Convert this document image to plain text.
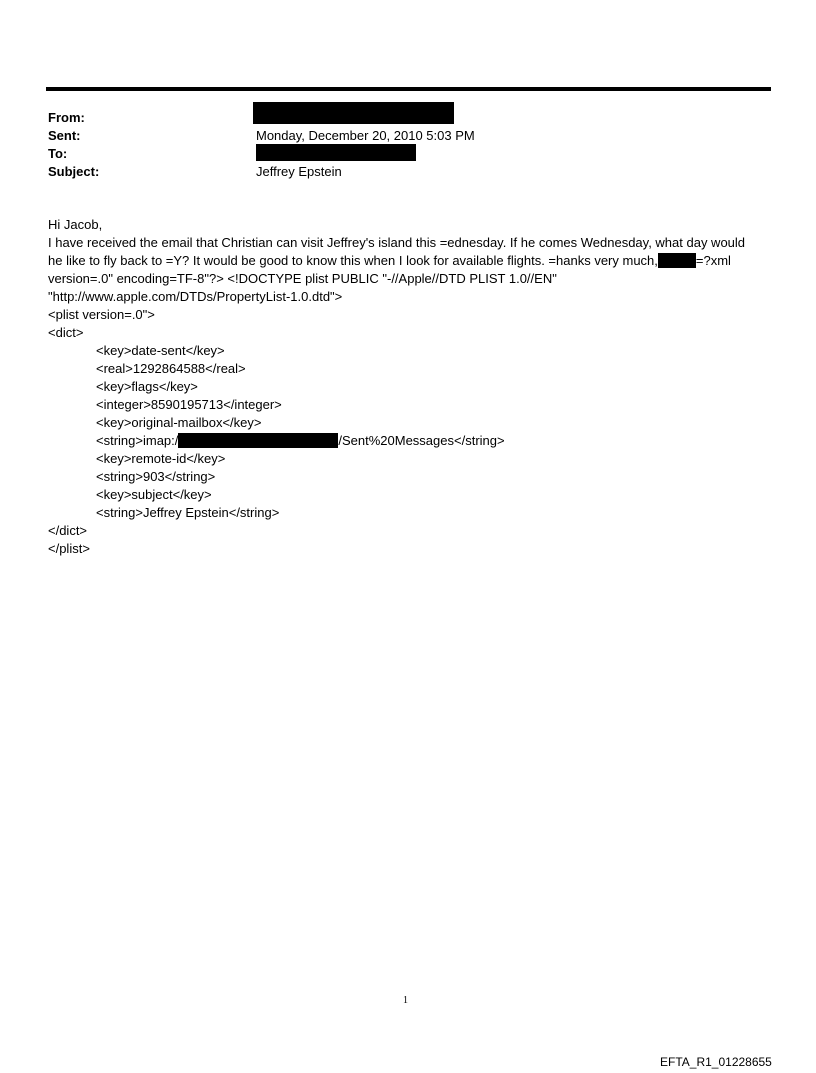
From:
Sent:	Monday, December 20, 2010 5:03 PM
To:
Subject:	Jeffrey Epstein
Hi Jacob,
I have received the email that Christian can visit Jeffrey's island this =ednesday. If he comes Wednesday, what day would
he like to fly back to =Y? It would be good to know this when I look for available flights. =hanks very much,	=?xml
version=.0" encoding=TF-8"?> <!DOCTYPE plist PUBLIC "-//Apple//DTD PLIST 1.0//EN"
"http://www.apple.com/DTDs/PropertyList-1.0.dtd">
<plist version=.0">
<dict>
<key>date-sent</key>
<real>1292864588</real>
<key>flags</key>
<integer>8590195713</integer>
<key>original-mailbox</key>
<string>imap:/	/Sent%20Messages</string>
<key>remote-id</key>
<string>903</string>
<key>subject</key>
<string>Jeffrey Epstein</string>
</dict>
</plist>
1
EFTA_R1_01228655
